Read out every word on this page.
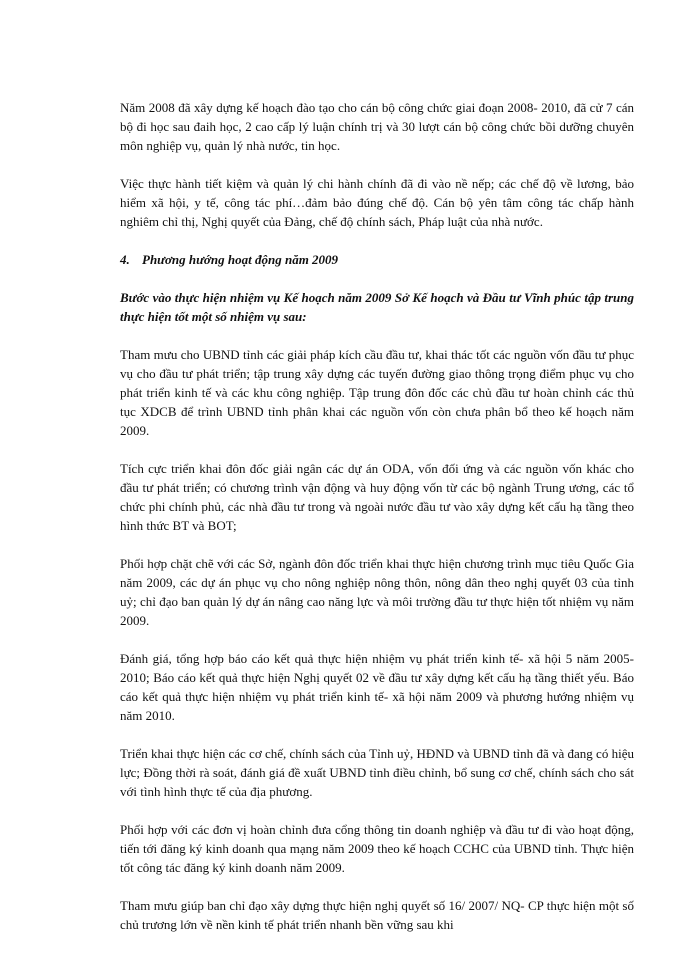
Năm 2008 đã xây dựng kế hoạch đào tạo cho cán bộ công chức giai đoạn 2008- 2010, đã cử 7 cán bộ đi học sau đaih học, 2 cao cấp lý luận chính trị và 30 lượt cán bộ công chức bồi dưỡng chuyên môn nghiệp vụ, quản lý nhà nước, tin học.

Việc thực hành tiết kiệm và quản lý chi hành chính đã đi vào nề nếp; các chế độ về lương, bảo hiểm xã hội, y tế, công tác phí…đảm bảo đúng chế độ. Cán bộ yên tâm công tác chấp hành nghiêm chỉ thị, Nghị quyết của Đảng, chế độ chính sách, Pháp luật của nhà nước.

4. Phương hướng hoạt động năm 2009

Bước vào thực hiện nhiệm vụ Kế hoạch năm 2009 Sở Kế hoạch và Đầu tư Vĩnh phúc tập trung thực hiện tốt một số nhiệm vụ sau:

Tham mưu cho UBND tỉnh các giải pháp kích cầu đầu tư, khai thác tốt các nguồn vốn đầu tư phục vụ cho đầu tư phát triển; tập trung xây dựng các tuyến đường giao thông trọng điểm phục vụ cho phát triển kinh tế và các khu công nghiệp. Tập trung đôn đốc các chủ đầu tư hoàn chỉnh các thủ tục XDCB để trình UBND tỉnh phân khai các nguồn vốn còn chưa phân bổ theo kế hoạch năm 2009.

Tích cực triển khai đôn đốc giải ngân các dự án ODA, vốn đối ứng và các nguồn vốn khác cho đầu tư phát triển; có chương trình vận động và huy động vốn từ các bộ ngành Trung ương, các tổ chức phi chính phủ, các nhà đầu tư trong và ngoài nước đầu tư vào xây dựng kết cấu hạ tầng theo hình thức BT và BOT;

Phối hợp chặt chẽ với các Sở, ngành đôn đốc triển khai thực hiện chương trình mục tiêu Quốc Gia năm 2009, các dự án phục vụ cho nông nghiệp nông thôn, nông dân theo nghị quyết 03 của tỉnh uỷ; chỉ đạo ban quản lý dự án nâng cao năng lực và môi trường đầu tư thực hiện tốt nhiệm vụ năm 2009.

Đánh giá, tổng hợp báo cáo kết quả thực hiện nhiệm vụ phát triển kinh tế- xã hội 5 năm 2005- 2010; Báo cáo kết quả thực hiện Nghị quyết 02 về đầu tư xây dựng kết cấu hạ tầng thiết yếu. Báo cáo kết quả thực hiện nhiệm vụ phát triển kinh tế- xã hội năm 2009 và phương hướng nhiệm vụ năm 2010.

Triển khai thực hiện các cơ chế, chính sách của Tỉnh uỷ, HĐND và UBND tỉnh đã và đang có hiệu lực; Đồng thời rà soát, đánh giá đề xuất UBND tỉnh điều chỉnh, bổ sung cơ chế, chính sách cho sát với tình hình thực tế của địa phương.

Phối hợp với các đơn vị hoàn chỉnh đưa cổng thông tin doanh nghiệp và đầu tư đi vào hoạt động, tiến tới đăng ký kinh doanh qua mạng năm 2009 theo kế hoạch CCHC của UBND tỉnh. Thực hiện tốt công tác đăng ký kinh doanh năm 2009.

Tham mưu giúp ban chỉ đạo xây dựng thực hiện nghị quyết số 16/ 2007/ NQ- CP thực hiện một số chủ trương lớn về nền kinh tế phát triển nhanh bền vững sau khi
